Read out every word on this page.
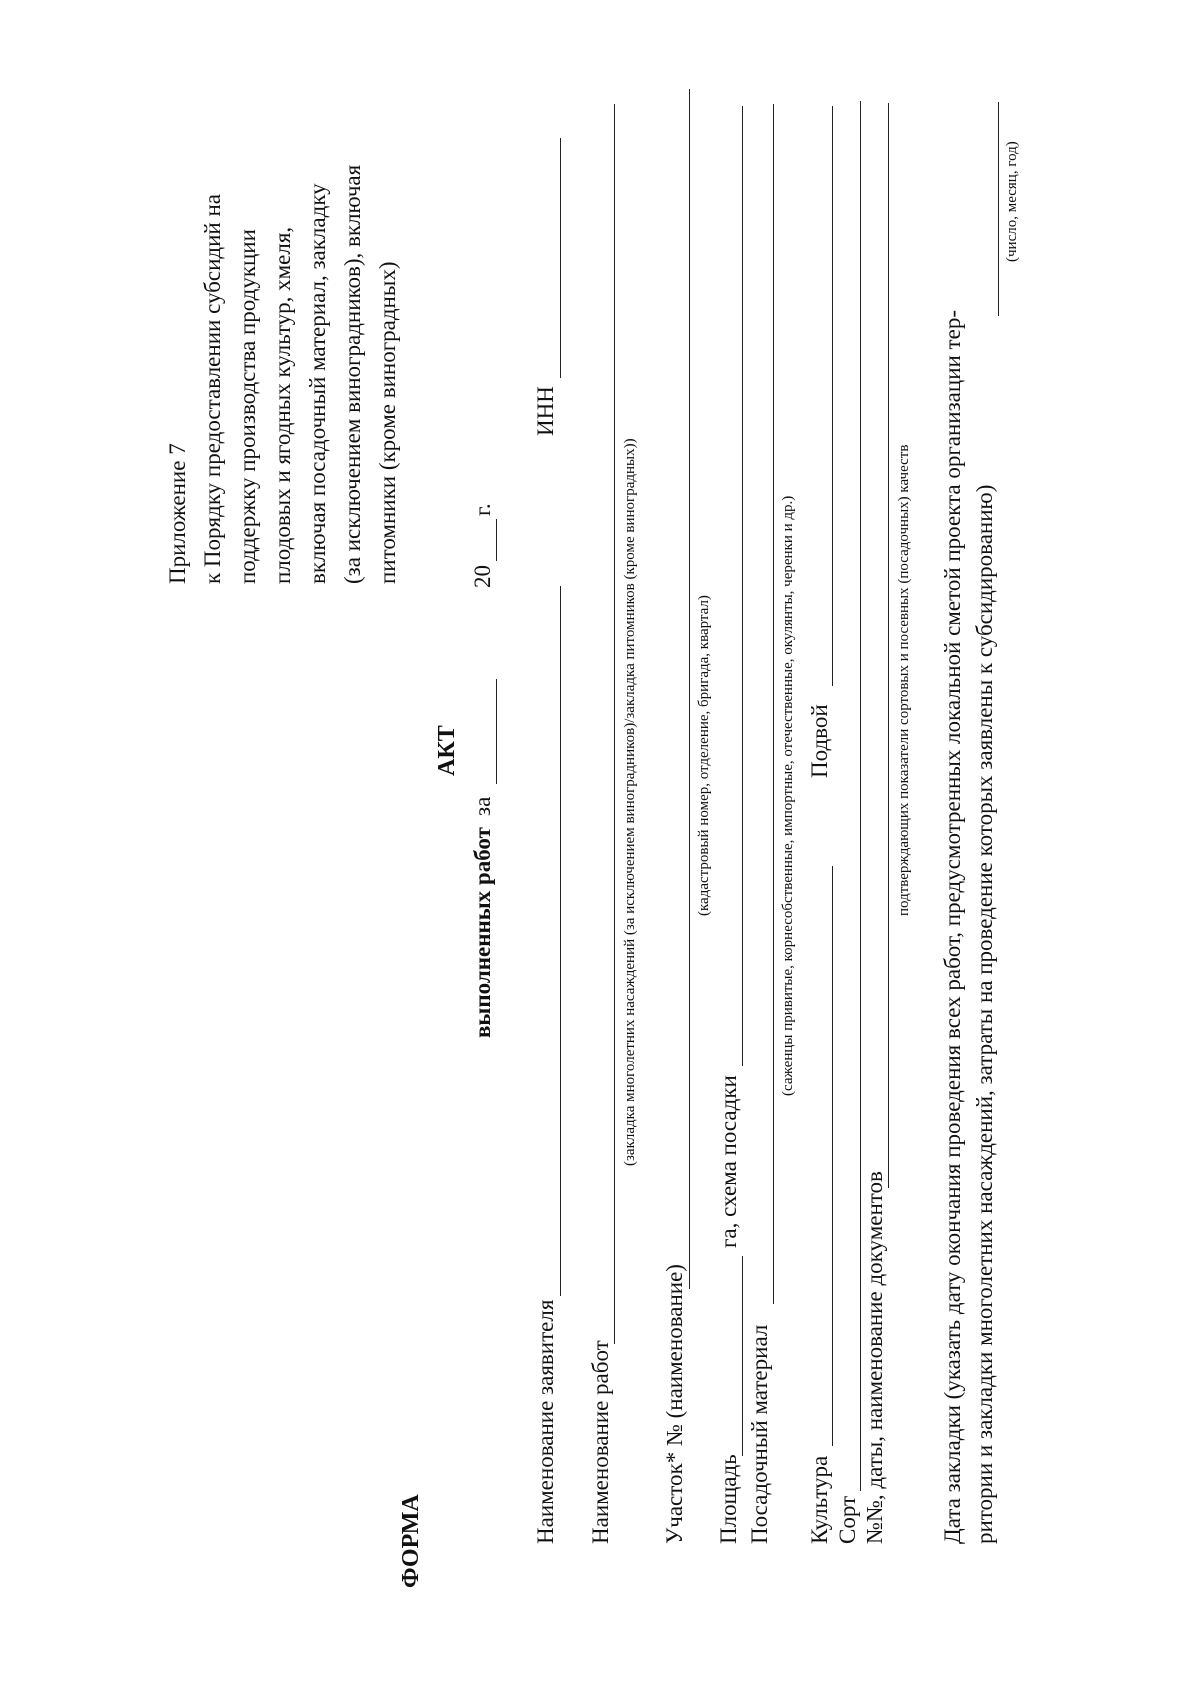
ФОРМА
Приложение 7 к Порядку предоставлении субсидий на поддержку производства продукции плодовых и ягодных культур, хмеля, включая посадочный материал, закладку (за исключением виноградников), включая питомники (кроме виноградных)
АКТ
выполненных работ
за
20
г.
Наименование заявителя
ИНН
Наименование работ
(закладка многолетних насаждений (за исключением виноградников)/закладка питомников (кроме виноградных))
Участок* № (наименование)
(кадастровый номер, отделение, бригада, квартал)
Площадь
га, схема посадки
Посадочный материал
(саженцы привитые, корнесобственные, импортные, отечественные, окулянты, черенки и др.)
Культура
Подвой
Сорт №№, даты, наименование документов
подтверждающих показатели сортовых и посевных (посадочных) качеств Дата закладки (указать дату окончания проведения всех работ, предусмотренных локальной сметой проекта организации тер- ритории и закладки многолетних насаждений, затраты на проведение которых заявлены к субсидированию)
(число, месяц, год)
